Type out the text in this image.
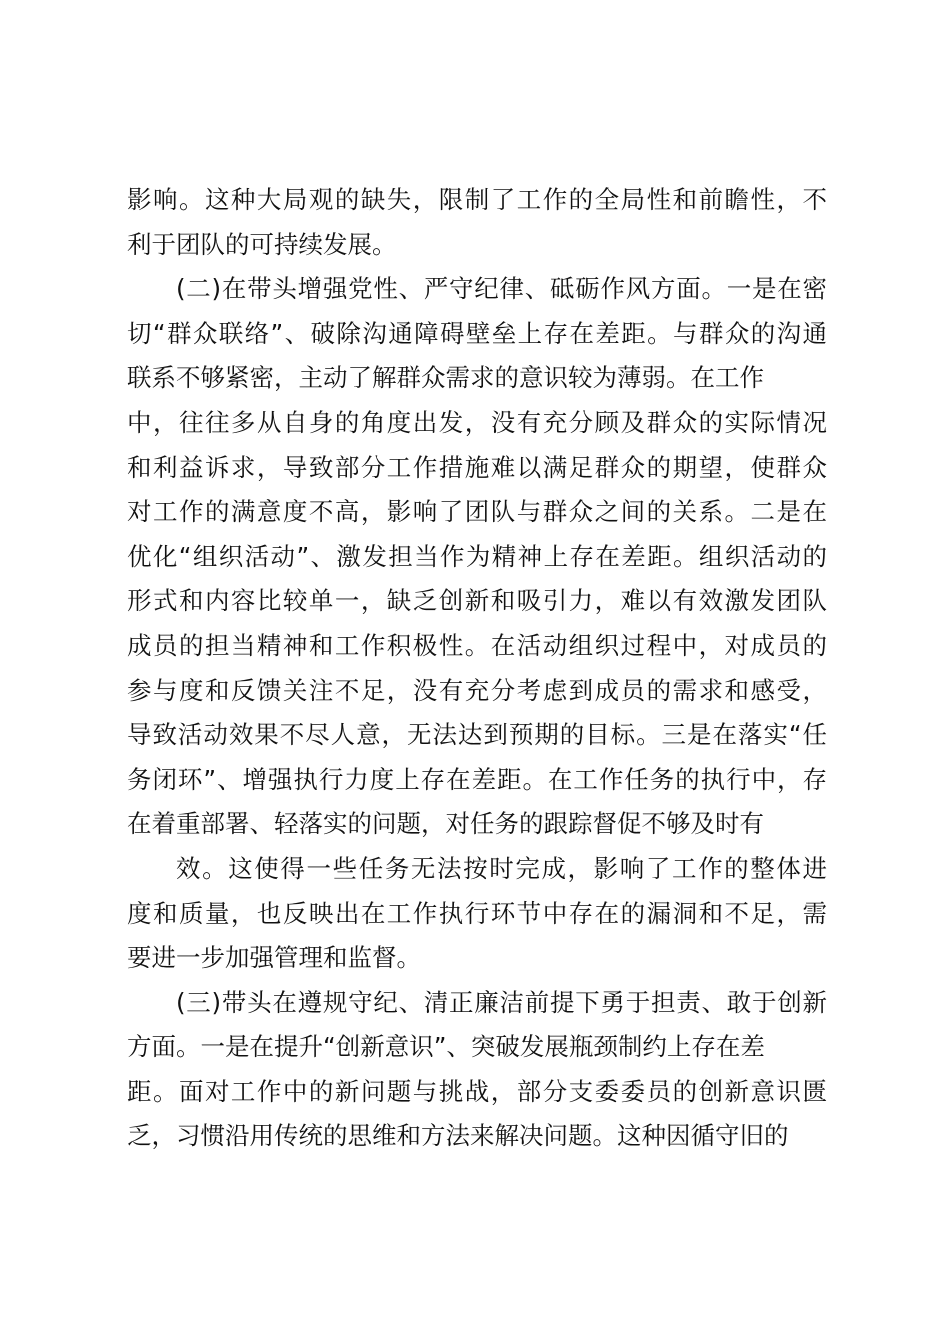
影响。这种大局观的缺失，限制了工作的全局性和前瞻性，不
利于团队的可持续发展。
(二)在带头增强党性、严守纪律、砥砺作风方面。一是在密
切“群众联络”、破除沟通障碍壁垒上存在差距。与群众的沟通
联系不够紧密，主动了解群众需求的意识较为薄弱。在工作
中，往往多从自身的角度出发，没有充分顾及群众的实际情况
和利益诉求，导致部分工作措施难以满足群众的期望，使群众
对工作的满意度不高，影响了团队与群众之间的关系。二是在
优化“组织活动”、激发担当作为精神上存在差距。组织活动的
形式和内容比较单一，缺乏创新和吸引力，难以有效激发团队
成员的担当精神和工作积极性。在活动组织过程中，对成员的
参与度和反馈关注不足，没有充分考虑到成员的需求和感受，
导致活动效果不尽人意，无法达到预期的目标。三是在落实“任
务闭环”、增强执行力度上存在差距。在工作任务的执行中，存
在着重部署、轻落实的问题，对任务的跟踪督促不够及时有
效。这使得一些任务无法按时完成，影响了工作的整体进
度和质量，也反映出在工作执行环节中存在的漏洞和不足，需
要进一步加强管理和监督。
(三)带头在遵规守纪、清正廉洁前提下勇于担责、敢于创新
方面。一是在提升“创新意识”、突破发展瓶颈制约上存在差
距。面对工作中的新问题与挑战，部分支委委员的创新意识匮
乏，习惯沿用传统的思维和方法来解决问题。这种因循守旧的
